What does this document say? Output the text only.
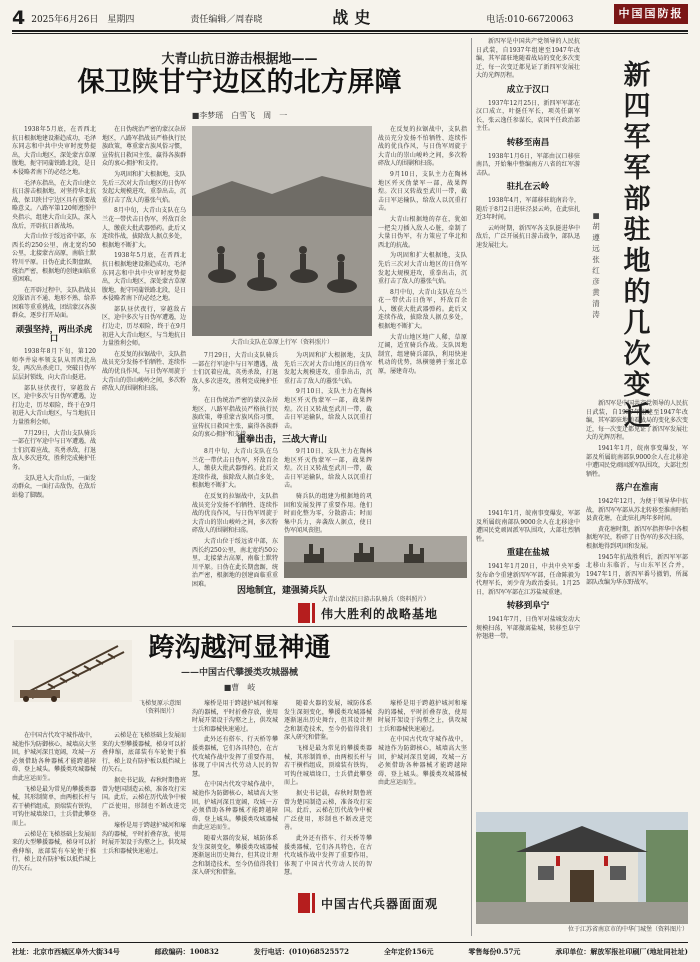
4 2025年6月26日　星期四	责任编辑／周春晓	战史	电话:010-66720063	中国国防报
大青山抗日游击根据地——
保卫陕甘宁边区的北方屏障
■李梦瑶　白雪飞　周　一

1938年5月底，在晋西北抗日根据地建设渐趋成功，毛泽东同志和中共中央审时度势提出，大青山地区，深处蒙古草原腹地，扼守同蒲铁路北段，是日本侵略者南下的必经之地。

毛泽东指出，在大青山建立抗日游击根据地，对坚持华北抗战、保卫陕甘宁边区具有重要战略意义。八路军第120师遵照中央指示，组建大青山支队，深入敌后，开辟抗日新战场。

大青山位于绥远省中部，东西长约250公里，南北宽约50公里，北接蒙古高原，南临土默特川平原。日伪在此长期盘踞，统治严密，根据地的创建面临重重困难。

在开辟过程中，支队指战员克服语言不通、地形不熟、给养困难等重重挑战，团结蒙汉各族群众，逐步打开局面。

顽强坚持，两出杀虎口

1938年8月下旬，第120师李井泉率领支队从晋西北出发，两次出杀虎口，突破日伪军层层封锁线，向大青山挺进。

部队昼伏夜行，穿越敌占区，途中多次与日伪军遭遇，边打边走，历尽艰险，终于在9月初进入大青山地区，与当地抗日力量胜利会师。

7月29日，大青山支队骑兵一部在行军途中与日军遭遇，战士们沉着应战，英勇杀敌，打退敌人多次进攻，胜利完成掩护任务。

支队进入大青山后，一面发动群众，一面打击敌伪，在敌后站稳了脚跟。

在日伪统治严密的蒙汉杂居地区，八路军指战员严格执行民族政策，尊重蒙古族风俗习惯，宣传抗日救国主张，赢得各族群众的衷心拥护和支持。

为巩固和扩大根据地，支队先后三次对大青山地区的日伪军发起大规模进攻，重拳出击，沉重打击了敌人的嚣张气焰。

8月中旬，大青山支队在乌兰花一带伏击日伪军，歼敌百余人，缴获大批武器弹药。此后又连续作战，拔除敌人据点多处，根据地不断扩大。

1938年5月底，在晋西北抗日根据地建设渐趋成功，毛泽东同志和中共中央审时度势提出，大青山地区，深处蒙古草原腹地，扼守同蒲铁路北段，是日本侵略者南下的必经之地。

部队昼伏夜行，穿越敌占区，途中多次与日伪军遭遇，边打边走，历尽艰险，终于在9月初进入大青山地区，与当地抗日力量胜利会师。

在反复的拉锯战中，支队指战员充分发扬不怕牺牲、连续作战的优良作风，与日伪军周旋于大青山的崇山峻岭之间，多次粉碎敌人的围剿和扫荡。

大青山支队在草原上行军（资料照片）

在反复的拉锯战中，支队指战员充分发扬不怕牺牲、连续作战的优良作风，与日伪军周旋于大青山的崇山峻岭之间，多次粉碎敌人的围剿和扫荡。

9月10日，支队主力在陶林地区歼灭伪蒙军一部，战果辉煌。次日又转战至武川一带，截击日军运输队，给敌人以沉重打击。

大青山根据地的存在，犹如一把尖刀插入敌人心脏，牵制了大量日伪军，有力策应了华北和西北的抗战。

为巩固和扩大根据地，支队先后三次对大青山地区的日伪军发起大规模进攻，重拳出击，沉重打击了敌人的嚣张气焰。

8月中旬，大青山支队在乌兰花一带伏击日伪军，歼敌百余人，缴获大批武器弹药。此后又连续作战，拔除敌人据点多处，根据地不断扩大。

大青山地区地广人稀，草原辽阔，适宜骑兵作战。支队因地制宜，组建骑兵部队，利用快速机动的优势，纵横驰骋于塞北草原，屡建奇功。

重拳出击，三战大青山

7月29日，大青山支队骑兵一部在行军途中与日军遭遇，战士们沉着应战，英勇杀敌，打退敌人多次进攻，胜利完成掩护任务。

在日伪统治严密的蒙汉杂居地区，八路军指战员严格执行民族政策，尊重蒙古族风俗习惯，宣传抗日救国主张，赢得各族群众的衷心拥护和支持。

为巩固和扩大根据地，支队先后三次对大青山地区的日伪军发起大规模进攻，重拳出击，沉重打击了敌人的嚣张气焰。

9月10日，支队主力在陶林地区歼灭伪蒙军一部，战果辉煌。次日又转战至武川一带，截击日军运输队，给敌人以沉重打击。

8月中旬，大青山支队在乌兰花一带伏击日伪军，歼敌百余人，缴获大批武器弹药。此后又连续作战，拔除敌人据点多处，根据地不断扩大。

在反复的拉锯战中，支队指战员充分发扬不怕牺牲、连续作战的优良作风，与日伪军周旋于大青山的崇山峻岭之间，多次粉碎敌人的围剿和扫荡。

大青山位于绥远省中部，东西长约250公里，南北宽约50公里，北接蒙古高原，南临土默特川平原。日伪在此长期盘踞，统治严密，根据地的创建面临重重困难。

9月10日，支队主力在陶林地区歼灭伪蒙军一部，战果辉煌。次日又转战至武川一带，截击日军运输队，给敌人以沉重打击。

骑兵队的组建为根据地的巩固和发展发挥了重要作用。他们时而化整为零，分散游击；时而集中兵力，奔袭敌人据点，使日伪军闻风丧胆。

因地制宜，建强骑兵队
大青山蒙汉抗日游击队骑兵（资料照片）
伟大胜利的战略基地
跨沟越河显神通
——中国古代攀援类攻城器械
■曹　岐
飞梯复原示意图（资料图片）

在中国古代攻守城作战中，城池作为防御核心，城墙高大坚固，护城河深且宽阔，攻城一方必须借助各种器械才能跨越障碍、登上城头。攀援类攻城器械由此应运而生。

飞梯是最为常见的攀援类器械，其形制简单，由两根长杆与若干横档组成，顶端装有铁钩，可钩住城墙垛口，士兵借此攀登而上。

云梯是在飞梯基础上发展而来的大型攀援器械，梯身可以折叠伸缩，底部装有车轮便于推行，梯上设有防护板以抵挡城上的矢石。

云梯是在飞梯基础上发展而来的大型攀援器械，梯身可以折叠伸缩，底部装有车轮便于推行，梯上设有防护板以抵挡城上的矢石。

据史书记载，春秋时期鲁班曾为楚国制造云梯，准备攻打宋国。此后，云梯在历代战争中被广泛使用，形制也不断改进完善。

壕桥是用于跨越护城河和壕沟的器械，平时折叠存放，使用时展开架设于沟壑之上，供攻城士兵和器械快速通过。

壕桥是用于跨越护城河和壕沟的器械，平时折叠存放，使用时展开架设于沟壑之上，供攻城士兵和器械快速通过。

此外还有搭车、行天桥等攀援类器械，它们各具特色，在古代攻城作战中发挥了重要作用，体现了中国古代劳动人民的智慧。

在中国古代攻守城作战中，城池作为防御核心，城墙高大坚固，护城河深且宽阔，攻城一方必须借助各种器械才能跨越障碍、登上城头。攀援类攻城器械由此应运而生。

随着火器的发展，城防体系发生深刻变化，攀援类攻城器械逐渐退出历史舞台，但其设计理念和制造技术，至今仍值得我们深入研究和借鉴。

随着火器的发展，城防体系发生深刻变化，攀援类攻城器械逐渐退出历史舞台，但其设计理念和制造技术，至今仍值得我们深入研究和借鉴。

飞梯是最为常见的攀援类器械，其形制简单，由两根长杆与若干横档组成，顶端装有铁钩，可钩住城墙垛口，士兵借此攀登而上。

据史书记载，春秋时期鲁班曾为楚国制造云梯，准备攻打宋国。此后，云梯在历代战争中被广泛使用，形制也不断改进完善。

此外还有搭车、行天桥等攀援类器械，它们各具特色，在古代攻城作战中发挥了重要作用，体现了中国古代劳动人民的智慧。

壕桥是用于跨越护城河和壕沟的器械，平时折叠存放，使用时展开架设于沟壑之上，供攻城士兵和器械快速通过。

在中国古代攻守城作战中，城池作为防御核心，城墙高大坚固，护城河深且宽阔，攻城一方必须借助各种器械才能跨越障碍、登上城头。攀援类攻城器械由此应运而生。

中国古代兵器面面观

新四军是中国共产党领导的人民抗日武装，自1937年组建至1947年改编，其军部驻地随着战局的变化多次变迁，每一次变迁都见证了新四军发展壮大的光辉历程。

成立于汉口

1937年12月25日，新四军军部在汉口成立，叶挺任军长，项英任副军长，张云逸任参谋长，袁国平任政治部主任。

转移至南昌

1938年1月6日，军部由汉口移驻南昌，开始集中整编南方八省的红军游击队。

驻扎在云岭

1938年4月，军部移驻皖南岩寺，随后于8月2日进驻泾县云岭，在此驻扎近3年时间。

云岭时期，新四军各支队挺进华中敌后，广泛开展抗日游击战争，部队迅速发展壮大。

新四军军部驻地的几次变迁
■胡遵远　张红彦　黄清涛

1941年1月，皖南事变爆发，军部及所属皖南部队9000余人在北移途中遭国民党顽固派军队围攻，大部壮烈牺牲。

重建在盐城

1941年1月20日，中共中央军委发布命令重建新四军军部，任命陈毅为代理军长，刘少奇为政治委员。1月25日，新四军军部在江苏盐城重建。

转移到阜宁

1941年7月，日伪军对盐城发动大规模扫荡，军部撤离盐城，转移至阜宁停翅港一带。

新四军是中国共产党领导的人民抗日武装，自1937年组建至1947年改编，其军部驻地随着战局的变化多次变迁，每一次变迁都见证了新四军发展壮大的光辉历程。

1941年1月，皖南事变爆发，军部及所属皖南部队9000余人在北移途中遭国民党顽固派军队围攻，大部壮烈牺牲。

落户在淮南

1942年12月，为便于领导华中抗战，新四军军部从苏北转移至淮南盱眙县黄花塘，在此驻扎两年多时间。

黄花塘时期，新四军指挥华中各根据地军民，粉碎了日伪军的多次扫荡，根据地得到巩固和发展。

1945年抗战胜利后，新四军军部北移山东临沂，与山东军区合并，1947年1月，新四军番号撤销，所属部队改编为华东野战军。

位于江苏省南京市的中华门城堡（资料图片）
社址：北京市西城区阜外大街34号	邮政编码：100832	发行电话：(010)68525572	全年定价156元	零售每份0.57元	承印单位：解放军报社印刷厂(地址同社址)
